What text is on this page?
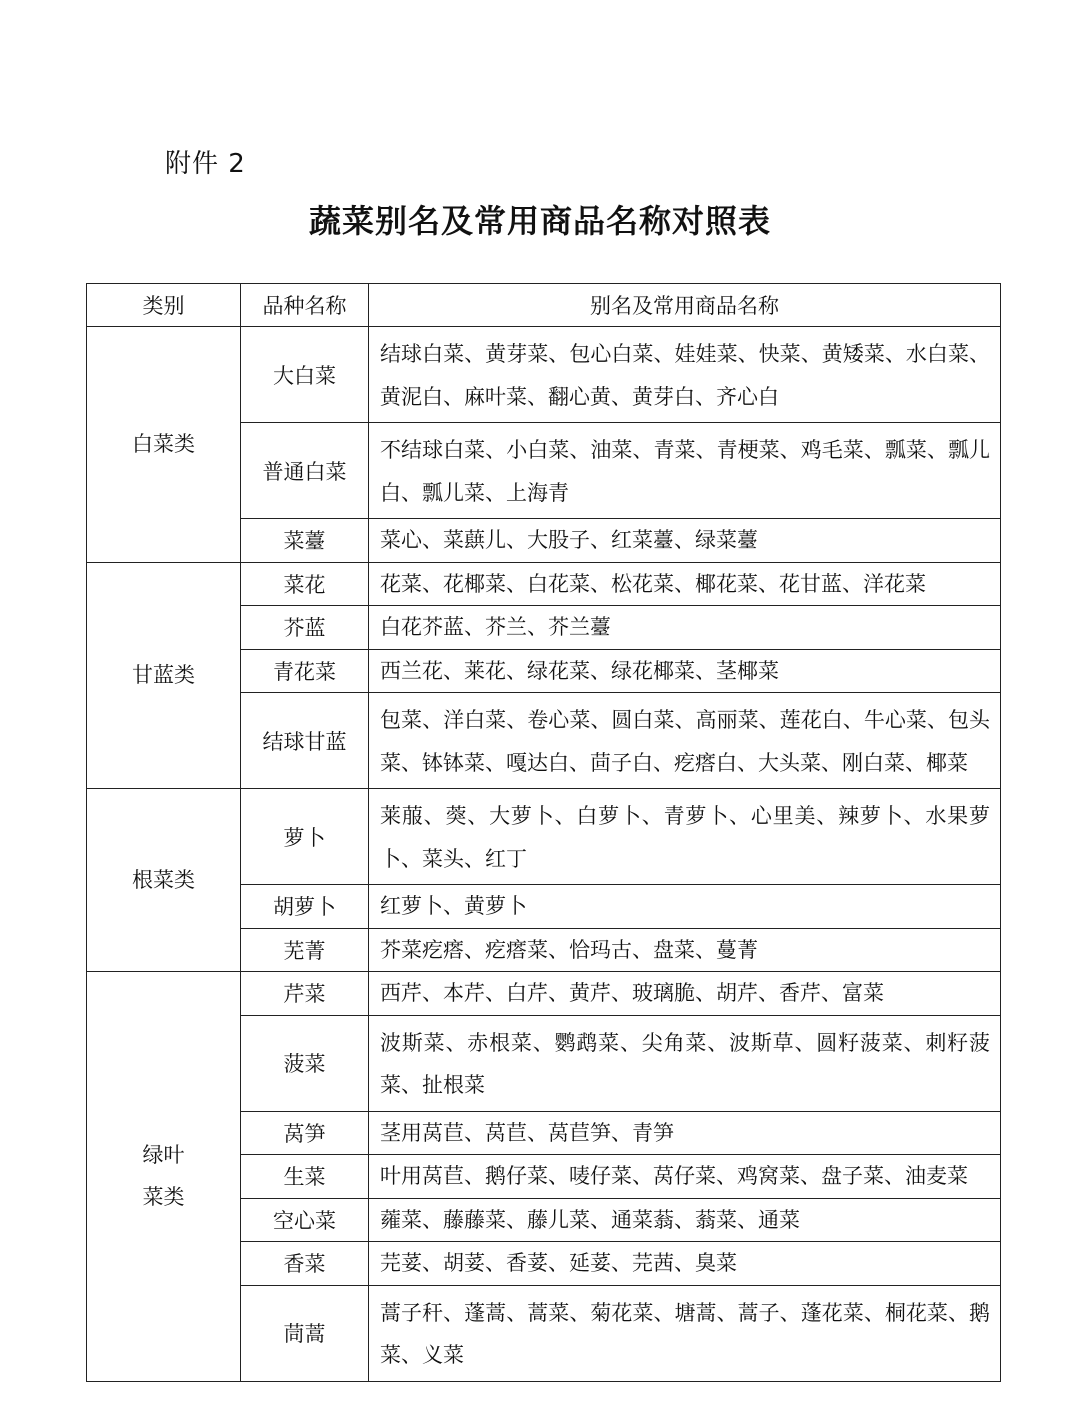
附件 2
蔬菜别名及常用商品名称对照表
类别	品种名称	别名及常用商品名称

白菜类	大白菜	结球白菜、黄芽菜、包心白菜、娃娃菜、快菜、黄矮菜、水白菜、黄泥白、麻叶菜、翻心黄、黄芽白、齐心白
	普通白菜	不结球白菜、小白菜、油菜、青菜、青梗菜、鸡毛菜、瓢菜、瓢儿白、瓢儿菜、上海青
	菜薹	菜心、菜蕻儿、大股子、红菜薹、绿菜薹

甘蓝类	菜花	花菜、花椰菜、白花菜、松花菜、椰花菜、花甘蓝、洋花菜
	芥蓝	白花芥蓝、芥兰、芥兰薹
	青花菜	西兰花、莱花、绿花菜、绿花椰菜、茎椰菜
	结球甘蓝	包菜、洋白菜、卷心菜、圆白菜、高丽菜、莲花白、牛心菜、包头菜、钵钵菜、嘎达白、茴子白、疙瘩白、大头菜、刚白菜、椰菜

根菜类	萝卜	莱菔、葖、大萝卜、白萝卜、青萝卜、心里美、辣萝卜、水果萝卜、菜头、红丁
	胡萝卜	红萝卜、黄萝卜
	芜菁	芥菜疙瘩、疙瘩菜、恰玛古、盘菜、蔓菁

绿叶
菜类	芹菜	西芹、本芹、白芹、黄芹、玻璃脆、胡芹、香芹、富菜
	菠菜	波斯菜、赤根菜、鹦鹉菜、尖角菜、波斯草、圆籽菠菜、刺籽菠菜、扯根菜
	莴笋	茎用莴苣、莴苣、莴苣笋、青笋
	生菜	叶用莴苣、鹅仔菜、唛仔菜、莴仔菜、鸡窝菜、盘子菜、油麦菜
	空心菜	蕹菜、藤藤菜、藤儿菜、通菜蓊、蓊菜、通菜
	香菜	芫荽、胡荽、香荽、延荽、芫茜、臭菜
	茼蒿	蒿子秆、蓬蒿、蒿菜、菊花菜、塘蒿、蒿子、蓬花菜、桐花菜、鹅菜、义菜
